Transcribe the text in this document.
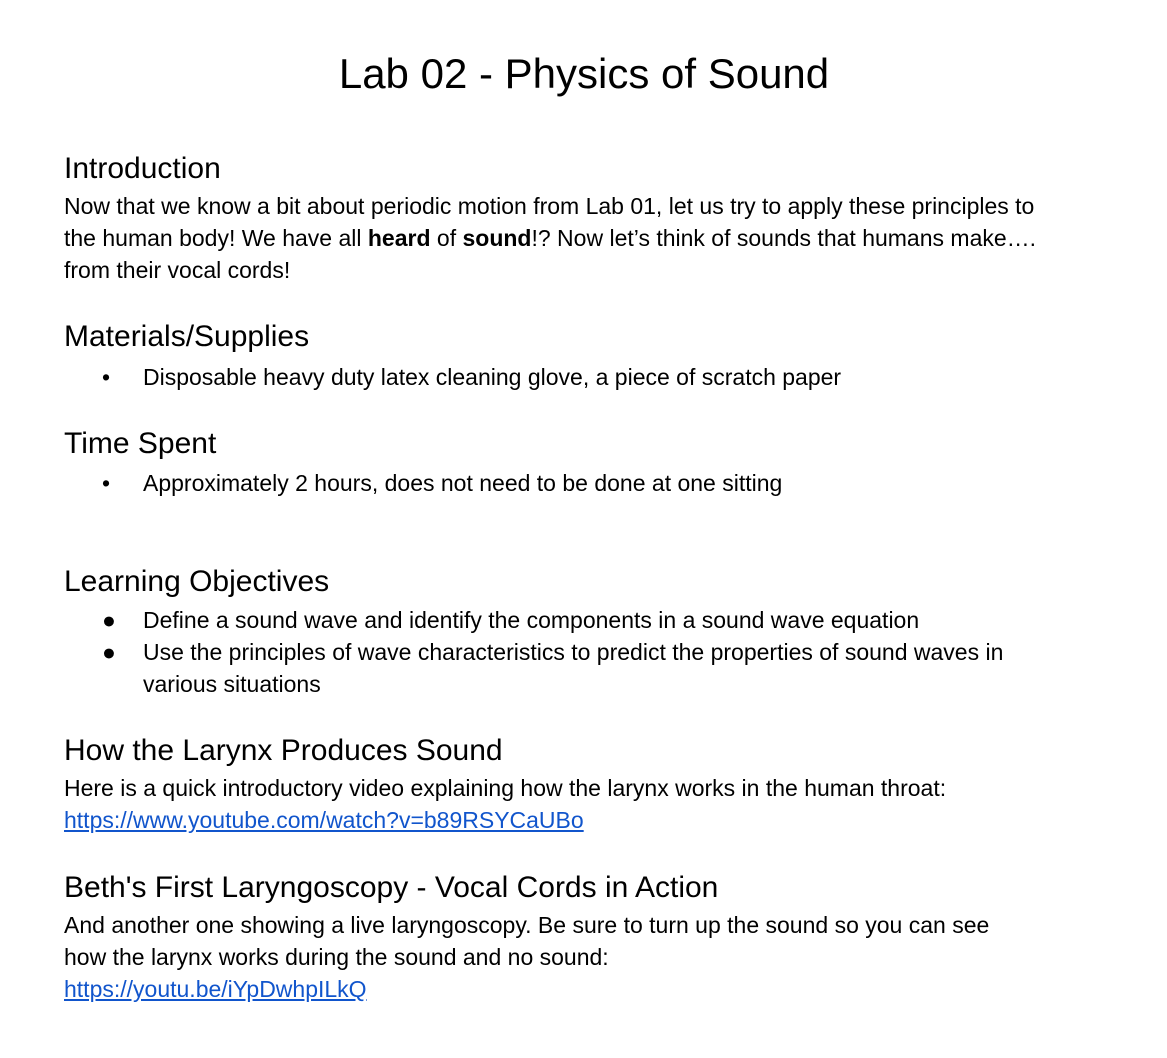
Lab 02 - Physics of Sound
Introduction
Now that we know a bit about periodic motion from Lab 01, let us try to apply these principles to
the human body! We have all heard of sound!? Now let’s think of sounds that humans make….
from their vocal cords!
Materials/Supplies
• Disposable heavy duty latex cleaning glove, a piece of scratch paper
Time Spent
• Approximately 2 hours, does not need to be done at one sitting
Learning Objectives
● Define a sound wave and identify the components in a sound wave equation
● Use the principles of wave characteristics to predict the properties of sound waves in
various situations
How the Larynx Produces Sound
Here is a quick introductory video explaining how the larynx works in the human throat:
https://www.youtube.com/watch?v=b89RSYCaUBo
Beth's First Laryngoscopy - Vocal Cords in Action
And another one showing a live laryngoscopy. Be sure to turn up the sound so you can see
how the larynx works during the sound and no sound:
https://youtu.be/iYpDwhpILkQ
